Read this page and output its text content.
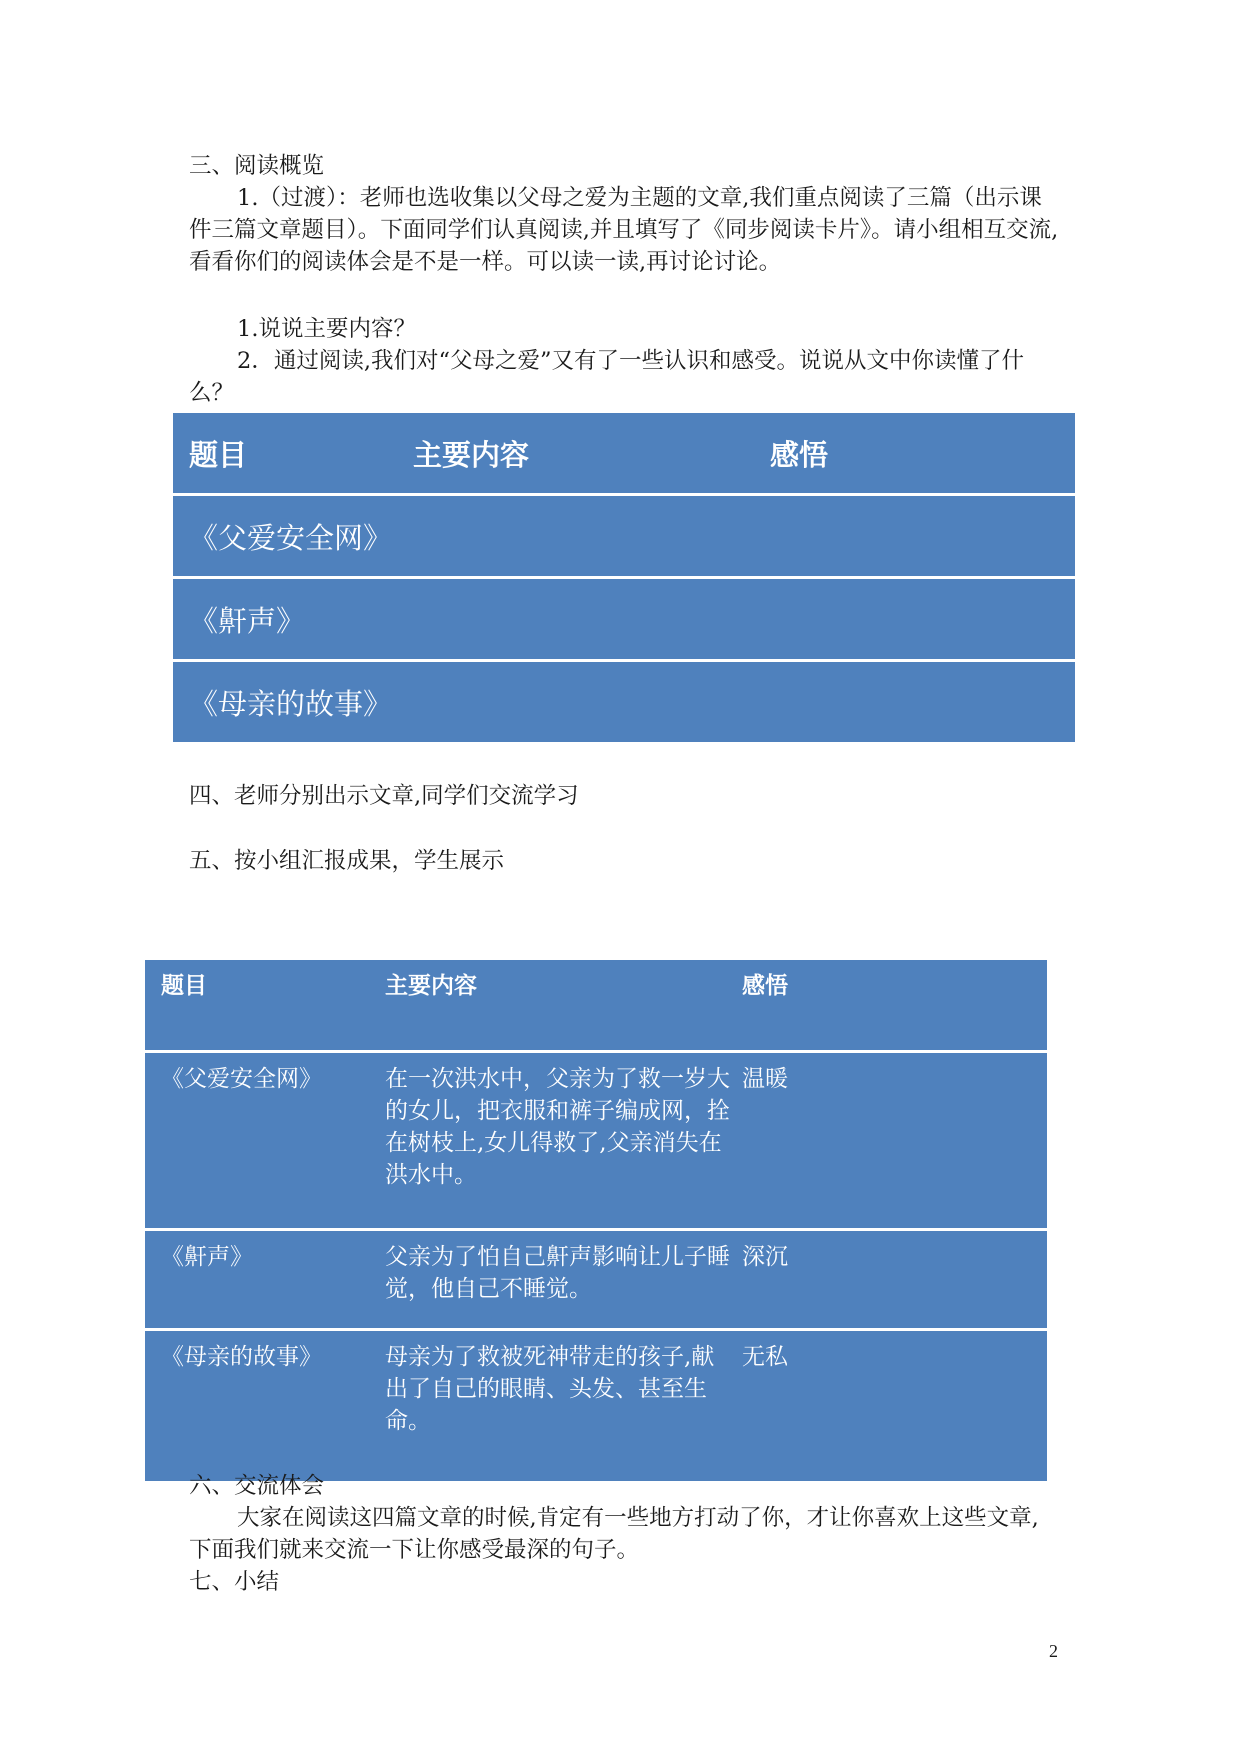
三、阅读概览

1.（过渡）：老师也选收集以父母之爱为主题的文章,我们重点阅读了三篇（出示课件三篇文章题目）。下面同学们认真阅读,并且填写了《同步阅读卡片》。请小组相互交流,看看你们的阅读体会是不是一样。可以读一读,再讨论讨论。

1.说说主要内容？

2．通过阅读,我们对“父母之爱”又有了一些认识和感受。说说从文中你读懂了什么？

题目	主要内容	感悟
《父爱安全网》
《鼾声》
《母亲的故事》

四、老师分别出示文章,同学们交流学习

五、按小组汇报成果，学生展示

题目	主要内容	感悟
《父爱安全网》	在一次洪水中，父亲为了救一岁大的女儿，把衣服和裤子编成网，拴在树枝上,女儿得救了,父亲消失在洪水中。	温暖
《鼾声》	父亲为了怕自己鼾声影响让儿子睡觉，他自己不睡觉。	深沉
《母亲的故事》	母亲为了救被死神带走的孩子,献出了自己的眼睛、头发、甚至生命。	无私

六、交流体会

大家在阅读这四篇文章的时候,肯定有一些地方打动了你，才让你喜欢上这些文章,下面我们就来交流一下让你感受最深的句子。

七、小结

2
